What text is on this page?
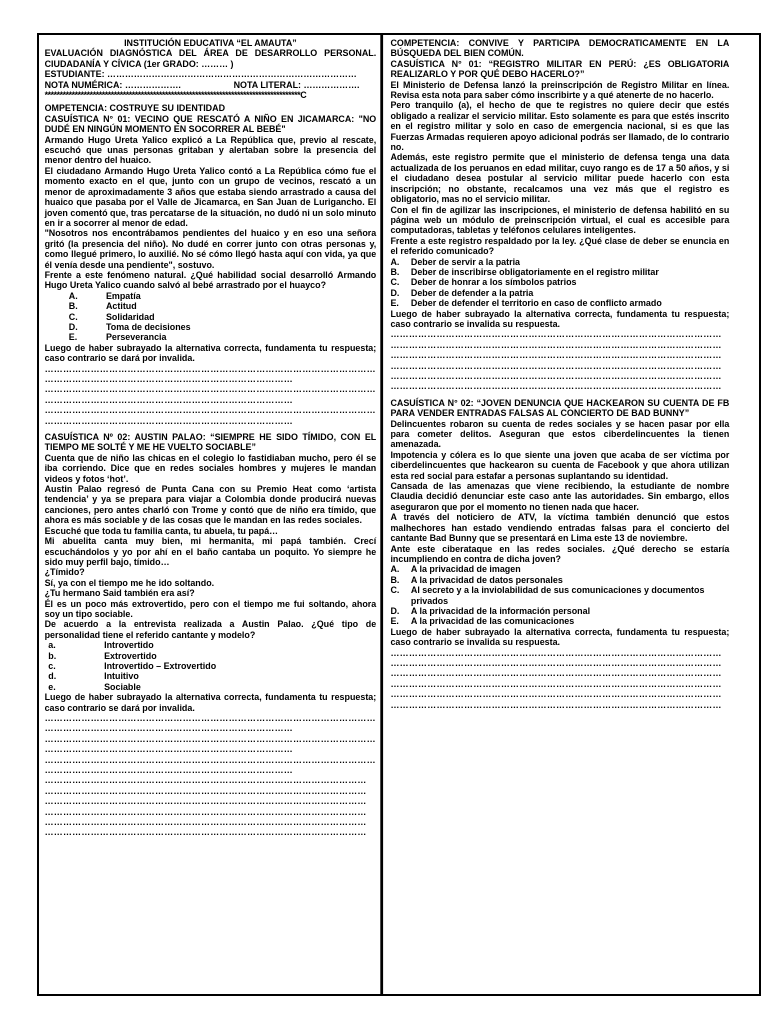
INSTITUCIÓN EDUCATIVA “EL AMAUTA”

EVALUACIÓN DIAGNÓSTICA DEL ÁREA DE DESARROLLO PERSONAL. CIUDADANÍA Y CÍVICA (1er GRADO: ……… )

ESTUDIANTE: …………………………………………………………………………

NOTA NUMÉRICA: ……………….	NOTA LITERAL: ……………….

*************************************************************************************C

OMPETENCIA: COSTRUYE SU IDENTIDAD

CASUÍSTICA N° 01: VECINO QUE RESCATÓ A NIÑO EN JICAMARCA: "NO DUDÉ EN NINGÚN MOMENTO EN SOCORRER AL BEBÉ"

Armando Hugo Ureta Yalico explicó a La República que, previo al rescate, escuchó que unas personas gritaban y alertaban sobre la presencia del menor dentro del huaico.

El ciudadano Armando Hugo Ureta Yalico contó a La República cómo fue el momento exacto en el que, junto con un grupo de vecinos, rescató a un menor de aproximadamente 3 años que estaba siendo arrastrado a causa del huaico que pasaba por el Valle de Jicamarca, en San Juan de Lurigancho. El joven comentó que, tras percatarse de la situación, no dudó ni un solo minuto en ir a socorrer al menor de edad.

"Nosotros nos encontrábamos pendientes del huaico y en eso una señora gritó (la presencia del niño). No dudé en correr junto con otras personas y, como llegué primero, lo auxilié. No sé cómo llegó hasta aquí con vida, ya que él venía desde una pendiente", sostuvo.

Frente a este fenómeno natural. ¿Qué habilidad social desarrolló Armando Hugo Ureta Yalico cuando salvó al bebé arrastrado por el huayco?

A.	Empatía
B.	Actitud
C.	Solidaridad
D.	Toma de decisiones
E.	Perseverancia

Luego de haber subrayado la alternativa correcta, fundamenta tu respuesta; caso contrario se dará por invalida.

………………………………………………………………………………………………

………………………………………………………………………

………………………………………………………………………………………………

………………………………………………………………………

………………………………………………………………………………………………

………………………………………………………………………

CASUÍSTICA Nº 02: AUSTIN PALAO: “SIEMPRE HE SIDO TÍMIDO, CON EL TIEMPO ME SOLTÉ Y ME HE VUELTO SOCIABLE”

Cuenta que de niño las chicas en el colegio lo fastidiaban mucho, pero él se iba corriendo. Dice que en redes sociales hombres y mujeres le mandan videos y fotos ‘hot’.

Austin Palao regresó de Punta Cana con su Premio Heat como ‘artista tendencia’ y ya se prepara para viajar a Colombia donde producirá nuevas canciones, pero antes charló con Trome y contó que de niño era tímido, que ahora es más sociable y de las cosas que le mandan en las redes sociales.

Escuché que toda tu familia canta, tu abuela, tu papá…

Mi abuelita canta muy bien, mi hermanita, mi papá también. Crecí escuchándolos y yo por ahí en el baño cantaba un poquito. Yo siempre he sido muy perfil bajo, tímido…

¿Tímido?

Sí, ya con el tiempo me he ido soltando.

¿Tu hermano Said también era así?

Él es un poco más extrovertido, pero con el tiempo me fui soltando, ahora soy un tipo sociable.

De acuerdo a la entrevista realizada a Austin Palao. ¿Qué tipo de personalidad tiene el referido cantante y modelo?

a.	Introvertido
b.	Extrovertido
c.	Introvertido – Extrovertido
d.	Intuitivo
e.	Sociable

Luego de haber subrayado la alternativa correcta, fundamenta tu respuesta; caso contrario se dará por invalida.

………………………………………………………………………………………………

………………………………………………………………………

………………………………………………………………………………………………

………………………………………………………………………

………………………………………………………………………………………………

………………………………………………………………………

……………………………………………………………………………………………

……………………………………………………………………………………………

……………………………………………………………………………………………

……………………………………………………………………………………………

……………………………………………………………………………………………

……………………………………………………………………………………………

COMPETENCIA: CONVIVE Y PARTICIPA DEMOCRATICAMENTE EN LA BÚSQUEDA DEL BIEN COMÚN.

CASUÍSTICA N° 01: “REGISTRO MILITAR EN PERÚ: ¿ES OBLIGATORIA REALIZARLO Y POR QUÉ DEBO HACERLO?”

El Ministerio de Defensa lanzó la preinscripción de Registro Militar en línea. Revisa esta nota para saber cómo inscribirte y a qué atenerte de no hacerlo.

Pero tranquilo (a), el hecho de que te registres no quiere decir que estés obligado a realizar el servicio militar. Esto solamente es para que estés inscrito en el registro militar y solo en caso de emergencia nacional, si es que las Fuerzas Armadas requieren apoyo adicional podrás ser llamado, de lo contrario no.

Además, este registro permite que el ministerio de defensa tenga una data actualizada de los peruanos en edad militar, cuyo rango es de 17 a 50 años, y si el ciudadano desea postular al servicio militar puede hacerlo con esta inscripción; no obstante, recalcamos una vez más que el registro es obligatorio, mas no el servicio militar.

Con el fin de agilizar las inscripciones, el ministerio de defensa habilitó en su página web un módulo de preinscripción virtual, el cual es accesible para computadoras, tabletas y teléfonos celulares inteligentes.

Frente a este registro respaldado por la ley. ¿Qué clase de deber se enuncia en el referido comunicado?

A.	Deber de servir a la patria
B.	Deber de inscribirse obligatoriamente en el registro militar
C.	Deber de honrar a los símbolos patrios
D.	Deber de defender a la patria
E.	Deber de defender el territorio en caso de conflicto armado

Luego de haber subrayado la alternativa correcta, fundamenta tu respuesta; caso contrario se invalida su respuesta.

………………………………………………………………………………………………

………………………………………………………………………………………………

………………………………………………………………………………………………

………………………………………………………………………………………………

………………………………………………………………………………………………

………………………………………………………………………………………………

CASUÍSTICA N° 02: “JOVEN DENUNCIA QUE HACKEARON SU CUENTA DE FB PARA VENDER ENTRADAS FALSAS AL CONCIERTO DE BAD BUNNY”

Delincuentes robaron su cuenta de redes sociales y se hacen pasar por ella para cometer delitos. Aseguran que estos ciberdelincuentes la tienen amenazada.

Impotencia y cólera es lo que siente una joven que acaba de ser víctima por ciberdelincuentes que hackearon su cuenta de Facebook y que ahora utilizan esta red social para estafar a personas suplantando su identidad.

Cansada de las amenazas que viene recibiendo, la estudiante de nombre Claudia decidió denunciar este caso ante las autoridades. Sin embargo, ellos aseguraron que por el momento no tienen nada que hacer.

A través del noticiero de ATV, la víctima también denunció que estos malhechores han estado vendiendo entradas falsas para el concierto del cantante Bad Bunny que se presentará en Lima este 13 de noviembre.

Ante este ciberataque en las redes sociales. ¿Qué derecho se estaría incumpliendo en contra de dicha joven?

A.	A la privacidad de imagen
B.	A la privacidad de datos personales
C.	Al secreto y a la inviolabilidad de sus comunicaciones y documentos privados
D.	A la privacidad de la información personal
E.	A la privacidad de las comunicaciones

Luego de haber subrayado la alternativa correcta, fundamenta tu respuesta; caso contrario se invalida su respuesta.

………………………………………………………………………………………………

………………………………………………………………………………………………

………………………………………………………………………………………………

………………………………………………………………………………………………

………………………………………………………………………………………………

………………………………………………………………………………………………
